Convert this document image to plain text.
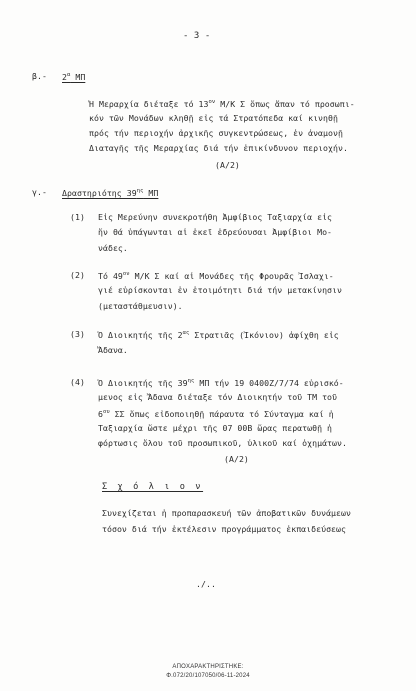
- 3 -
β.- $2^\alpha$ ΜΠ
Ἡ Μεραρχία διέταξε τό $13^{o\nu}$ Μ/Κ Σ ὅπως ἅπαν τό προσωπι-
κόν τῶν Μονάδων κληθῇ εἰς τά Στρατόπεδα καί κινηθῇ
πρός τήν περιοχήν ἀρχικῆς συγκεντρώσεως, ἐν ἀναμονῇ
Διαταγῆς τῆς Μεραρχίας διά τήν ἐπικίνδυνον περιοχήν.
(Α/2)
γ.- Δραστηριότης $39^{\eta\varsigma}$ ΜΠ
(1) Εἰς Μερεύνην συνεκροτήθη Ἀμφίβιος Ταξιαρχία εἰς
ἥν θά ὑπάγωνται αἱ ἐκεῖ ἑδρεύουσαι Ἀμφίβιοι Μο-
νάδες.
(2) Τό $49^{o\nu}$ Μ/Κ Σ καί αἱ Μονάδες τῆς Φρουρᾶς Ἰσλαχι-
γιέ εὑρίσκονται ἐν ἑτοιμότητι διά τήν μετακίνησιν
(μεταστάθμευσιν).
(3) Ὁ Διοικητής τῆς $2^{\alpha\varsigma}$ Στρατιᾶς (Ἰκόνιον) ἀφίχθη εἰς
Ἄδανα.
(4) Ὁ Διοικητής τῆς $39^{\eta\varsigma}$ ΜΠ τήν 19 0400Z/7/74 εὑρισκό-
μενος εἰς Ἄδανα διέταξε τόν Διοικητήν τοῦ ΤΜ τοῦ
$6^{o\upsilon}$ ΣΣ ὅπως εἰδοποιηθῇ πάραυτα τό Σύνταγμα καί ἡ
Ταξιαρχία ὥστε μέχρι τῆς 07 00Β ὥρας περατωθῇ ἡ
φόρτωσις ὅλου τοῦ προσωπικοῦ, ὑλικοῦ καί ὀχημάτων.
(Α/2)
Σ χ ό λ ι ο ν
Συνεχίζεται ἡ προπαρασκευή τῶν ἀποβατικῶν δυνάμεων
τόσον διά τήν ἐκτέλεσιν προγράμματος ἐκπαιδεύσεως
./..
ΑΠΟΧΑΡΑΚΤΗΡΙΣΤΗΚΕ:
Φ.072/20/107050/06-11-2024
